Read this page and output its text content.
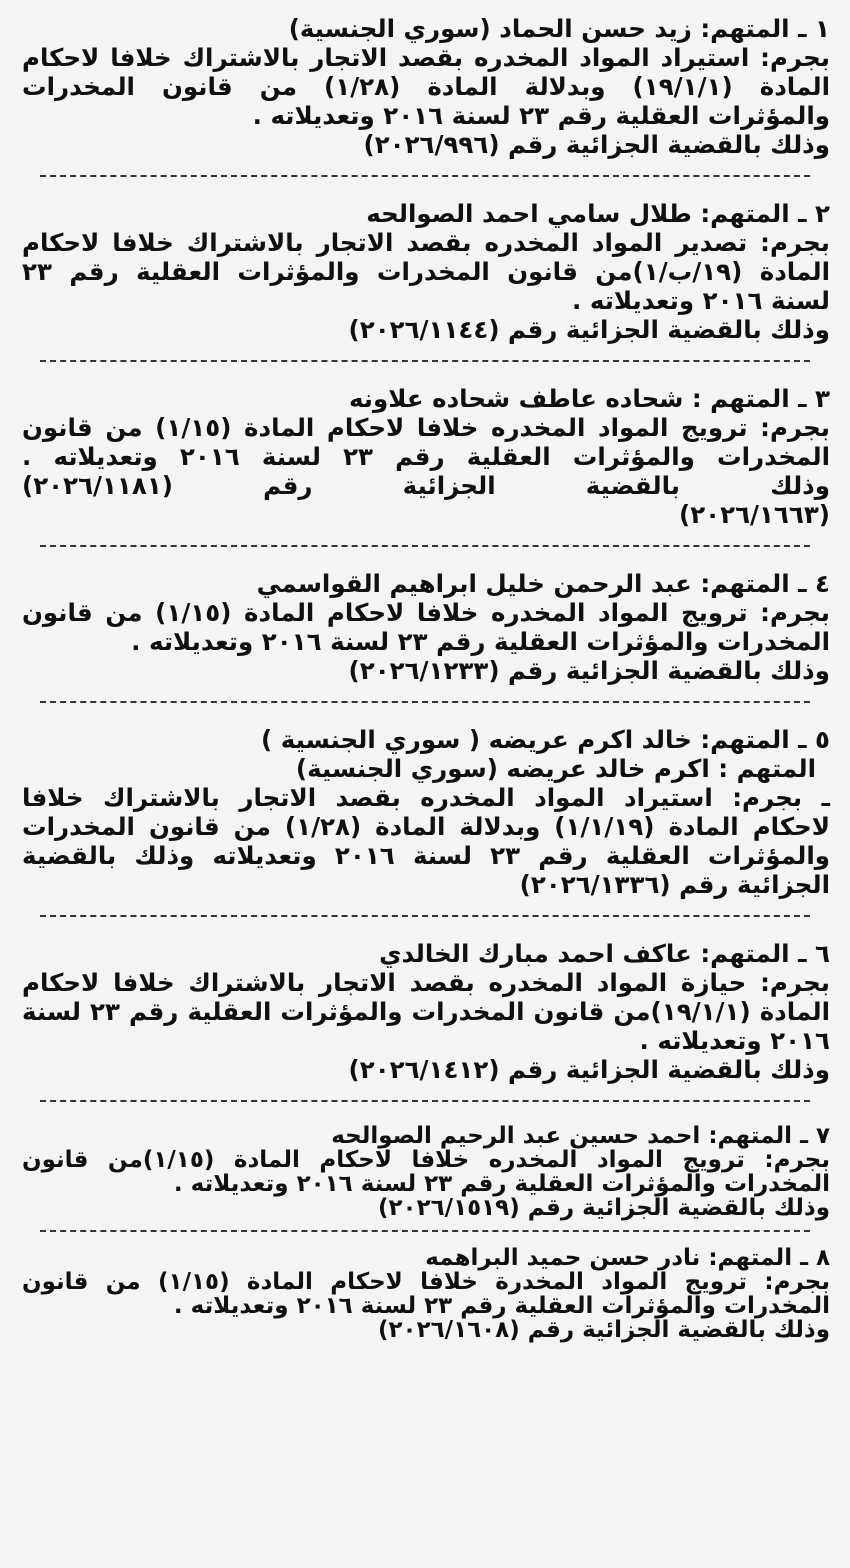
١ ـ المتهم: زيد حسن الحماد (سوري الجنسية)
بجرم: استيراد المواد المخدره بقصد الاتجار بالاشتراك خلافا لاحكام
المادة (١٩/١/١) وبدلالة المادة (١/٢٨) من قانون المخدرات
والمؤثرات العقلية رقم ٢٣ لسنة ٢٠١٦ وتعديلاته .
وذلك بالقضية الجزائية رقم (٢٠٢٦/٩٩٦)
٢ ـ المتهم: طلال سامي احمد الصوالحه
بجرم: تصدير المواد المخدره بقصد الاتجار بالاشتراك خلافا لاحكام
المادة (١٩/ب/١)من قانون المخدرات والمؤثرات العقلية رقم ٢٣
لسنة ٢٠١٦ وتعديلاته .
وذلك بالقضية الجزائية رقم (٢٠٢٦/١١٤٤)
٣ ـ المتهم : شحاده عاطف شحاده علاونه
بجرم: ترويج المواد المخدره خلافا لاحكام المادة (١/١٥) من قانون
المخدرات والمؤثرات العقلية رقم ٢٣ لسنة ٢٠١٦ وتعديلاته .
وذلك بالقضية الجزائية رقم (٢٠٢٦/١١٨١)
(٢٠٢٦/١٦٦٣)
٤ ـ المتهم: عبد الرحمن خليل ابراهيم القواسمي
بجرم: ترويج المواد المخدره خلافا لاحكام المادة (١/١٥) من قانون
المخدرات والمؤثرات العقلية رقم ٢٣ لسنة ٢٠١٦ وتعديلاته .
وذلك بالقضية الجزائية رقم (٢٠٢٦/١٢٣٣)
٥ ـ المتهم: خالد اكرم عريضه ( سوري الجنسية )
المتهم : اكرم خالد عريضه (سوري الجنسية)
ـ بجرم: استيراد المواد المخدره بقصد الاتجار بالاشتراك خلافا
لاحكام المادة (١/١/١٩) وبدلالة المادة (١/٢٨) من قانون المخدرات
والمؤثرات العقلية رقم ٢٣ لسنة ٢٠١٦ وتعديلاته وذلك بالقضية
الجزائية رقم (٢٠٢٦/١٣٣٦)
٦ ـ المتهم: عاكف احمد مبارك الخالدي
بجرم: حيازة المواد المخدره بقصد الاتجار بالاشتراك خلافا لاحكام
المادة (١٩/١/١)من قانون المخدرات والمؤثرات العقلية رقم ٢٣ لسنة
٢٠١٦ وتعديلاته .
وذلك بالقضية الجزائية رقم (٢٠٢٦/١٤١٢)
٧ ـ المتهم: احمد حسين عبد الرحيم الصوالحه
بجرم: ترويج المواد المخدره خلافا لاحكام المادة (١/١٥)من قانون
المخدرات والمؤثرات العقلية رقم ٢٣ لسنة ٢٠١٦ وتعديلاته .
وذلك بالقضية الجزائية رقم (٢٠٢٦/١٥١٩)
٨ ـ المتهم: نادر حسن حميد البراهمه
بجرم: ترويج المواد المخدرة خلافا لاحكام المادة (١/١٥) من قانون
المخدرات والمؤثرات العقلية رقم ٢٣ لسنة ٢٠١٦ وتعديلاته .
وذلك بالقضية الجزائية رقم (٢٠٢٦/١٦٠٨)
